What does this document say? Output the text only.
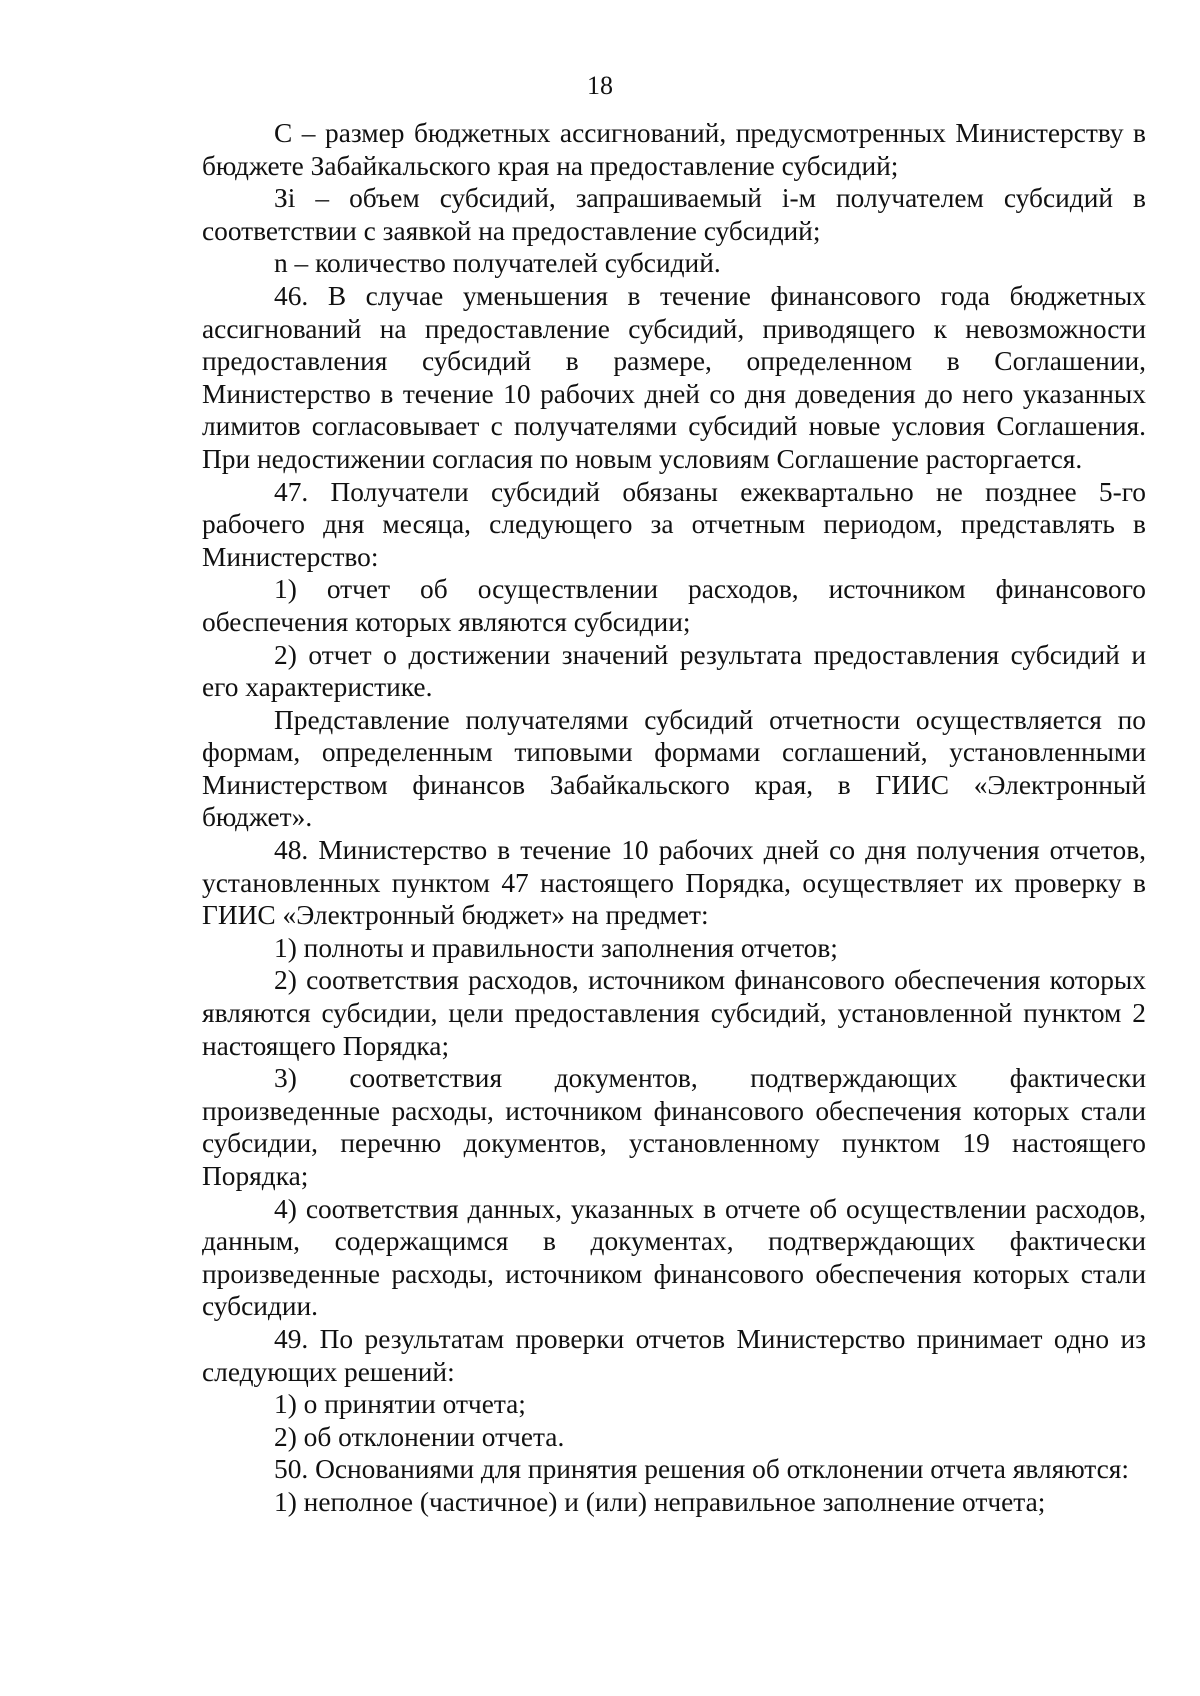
18

С – размер бюджетных ассигнований, предусмотренных Министерству в бюджете Забайкальского края на предоставление субсидий;

Зi – объем субсидий, запрашиваемый i-м получателем субсидий в соответствии с заявкой на предоставление субсидий;

n – количество получателей субсидий.

46. В случае уменьшения в течение финансового года бюджетных ассигнований на предоставление субсидий, приводящего к невозможности предоставления субсидий в размере, определенном в Соглашении, Министерство в течение 10 рабочих дней со дня доведения до него указанных лимитов согласовывает с получателями субсидий новые условия Соглашения. При недостижении согласия по новым условиям Соглашение расторгается.

47. Получатели субсидий обязаны ежеквартально не позднее 5-го рабочего дня месяца, следующего за отчетным периодом, представлять в Министерство:

1) отчет об осуществлении расходов, источником финансового обеспечения которых являются субсидии;

2) отчет о достижении значений результата предоставления субсидий и его характеристике.

Представление получателями субсидий отчетности осуществляется по формам, определенным типовыми формами соглашений, установленными Министерством финансов Забайкальского края, в ГИИС «Электронный бюджет».

48. Министерство в течение 10 рабочих дней со дня получения отчетов, установленных пунктом 47 настоящего Порядка, осуществляет их проверку в ГИИС «Электронный бюджет» на предмет:

1) полноты и правильности заполнения отчетов;

2) соответствия расходов, источником финансового обеспечения которых являются субсидии, цели предоставления субсидий, установленной пунктом 2 настоящего Порядка;

3) соответствия документов, подтверждающих фактически произведенные расходы, источником финансового обеспечения которых стали субсидии, перечню документов, установленному пунктом 19 настоящего Порядка;

4) соответствия данных, указанных в отчете об осуществлении расходов, данным, содержащимся в документах, подтверждающих фактически произведенные расходы, источником финансового обеспечения которых стали субсидии.

49. По результатам проверки отчетов Министерство принимает одно из следующих решений:

1) о принятии отчета;

2) об отклонении отчета.

50. Основаниями для принятия решения об отклонении отчета являются:

1) неполное (частичное) и (или) неправильное заполнение отчета;
